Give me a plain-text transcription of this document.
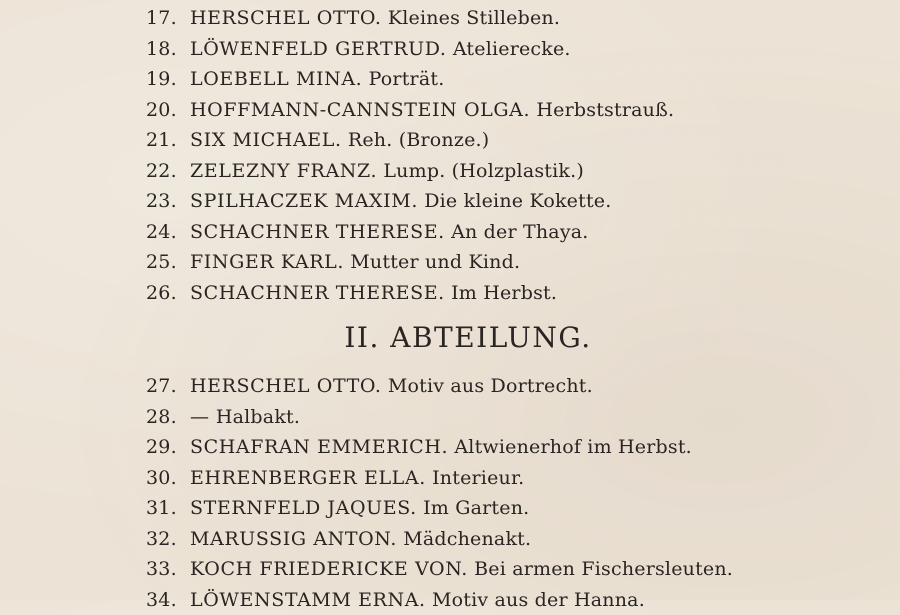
17. HERSCHEL OTTO. Kleines Stilleben.
18. LÖWENFELD GERTRUD. Atelierecke.
19. LOEBELL MINA. Porträt.
20. HOFFMANN-CANNSTEIN OLGA. Herbststrauß.
21. SIX MICHAEL. Reh. (Bronze.)
22. ZELEZNY FRANZ. Lump. (Holzplastik.)
23. SPILHACZEK MAXIM. Die kleine Kokette.
24. SCHACHNER THERESE. An der Thaya.
25. FINGER KARL. Mutter und Kind.
26. SCHACHNER THERESE. Im Herbst.
II. ABTEILUNG.
27. HERSCHEL OTTO. Motiv aus Dortrecht.
28. — Halbakt.
29. SCHAFRAN EMMERICH. Altwienerhof im Herbst.
30. EHRENBERGER ELLA. Interieur.
31. STERNFELD JAQUES. Im Garten.
32. MARUSSIG ANTON. Mädchenakt.
33. KOCH FRIEDERICKE VON. Bei armen Fischersleuten.
34. LÖWENSTAMM ERNA. Motiv aus der Hanna.
